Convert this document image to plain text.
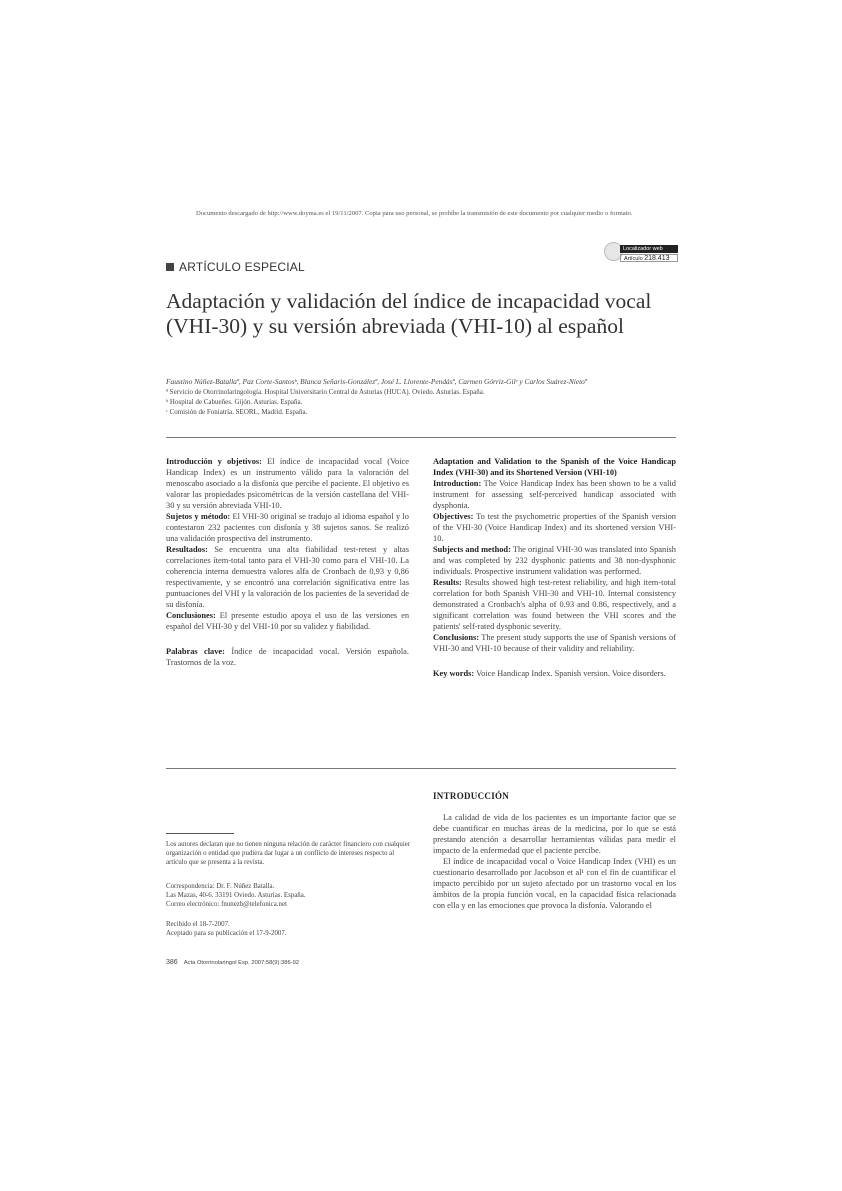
Documento descargado de http://www.doyma.es el 19/11/2007. Copia para uso personal, se prohíbe la transmisión de este documento por cualquier medio o formato.
Localizador web
Artículo 218.413
ARTÍCULO ESPECIAL
Adaptación y validación del índice de incapacidad vocal (VHI-30) y su versión abreviada (VHI-10) al español
Faustino Núñez-Batallaª, Paz Corte-Santosᵇ, Blanca Señaris-Gonzálezª, José L. Llorente-Pendásª, Carmen Górriz-Gilᶜ y Carlos Suárez-Nietoª
ª Servicio de Otorrinolaringología. Hospital Universitario Central de Asturias (HUCA). Oviedo. Asturias. España.
ᵇ Hospital de Cabueñes. Gijón. Asturias. España.
ᶜ Comisión de Foniatría. SEORL. Madrid. España.

Introducción y objetivos: El índice de incapacidad vocal (Voice Handicap Index) es un instrumento válido para la valoración del menoscabo asociado a la disfonía que percibe el paciente. El objetivo es valorar las propiedades psicométricas de la versión castellana del VHI-30 y su versión abreviada VHI-10.

Sujetos y método: El VHI-30 original se tradujo al idioma español y lo contestaron 232 pacientes con disfonía y 38 sujetos sanos. Se realizó una validación prospectiva del instrumento.

Resultados: Se encuentra una alta fiabilidad test-retest y altas correlaciones ítem-total tanto para el VHI-30 como para el VHI-10. La coherencia interna demuestra valores alfa de Cronbach de 0,93 y 0,86 respectivamente, y se encontró una correlación significativa entre las puntuaciones del VHI y la valoración de los pacientes de la severidad de su disfonía.

Conclusiones: El presente estudio apoya el uso de las versiones en español del VHI-30 y del VHI-10 por su validez y fiabilidad.

Palabras clave: Índice de incapacidad vocal. Versión española. Trastornos de la voz.

Adaptation and Validation to the Spanish of the Voice Handicap Index (VHI-30) and its Shortened Version (VHI-10)

Introduction: The Voice Handicap Index has been shown to be a valid instrument for assessing self-perceived handicap associated with dysphonia.

Objectives: To test the psychometric properties of the Spanish version of the VHI-30 (Voice Handicap Index) and its shortened version VHI-10.

Subjects and method: The original VHI-30 was translated into Spanish and was completed by 232 dysphonic patients and 38 non-dysphonic individuals. Prospective instrument validation was performed.

Results: Results showed high test-retest reliability, and high item-total correlation for both Spanish VHI-30 and VHI-10. Internal consistency demonstrated a Cronbach's alpha of 0.93 and 0.86, respectively, and a significant correlation was found between the VHI scores and the patients' self-rated dysphonic severity.

Conclusions: The present study supports the use of Spanish versions of VHI-30 and VHI-10 because of their validity and reliability.

Key words: Voice Handicap Index. Spanish version. Voice disorders.

INTRODUCCIÓN

La calidad de vida de los pacientes es un importante factor que se debe cuantificar en muchas áreas de la medicina, por lo que se está prestando atención a desarrollar herramientas válidas para medir el impacto de la enfermedad que el paciente percibe.

El índice de incapacidad vocal o Voice Handicap Index (VHI) es un cuestionario desarrollado por Jacobson et al¹ con el fin de cuantificar el impacto percibido por un sujeto afectado por un trastorno vocal en los ámbitos de la propia función vocal, en la capacidad física relacionada con ella y en las emociones que provoca la disfonía. Valorando el

Los autores declaran que no tienen ninguna relación de carácter financiero con cualquier organización o entidad que pudiera dar lugar a un conflicto de intereses respecto al artículo que se presenta a la revista.
Correspondencia: Dr. F. Núñez Batalla.
Las Mazas, 40-6. 33191 Oviedo. Asturias. España.
Correo electrónico: fnunezb@telefonica.net
Recibido el 18-7-2007.
Aceptado para su publicación el 17-9-2007.
386 Acta Otorrinolaringol Esp. 2007;58(9):386-92
